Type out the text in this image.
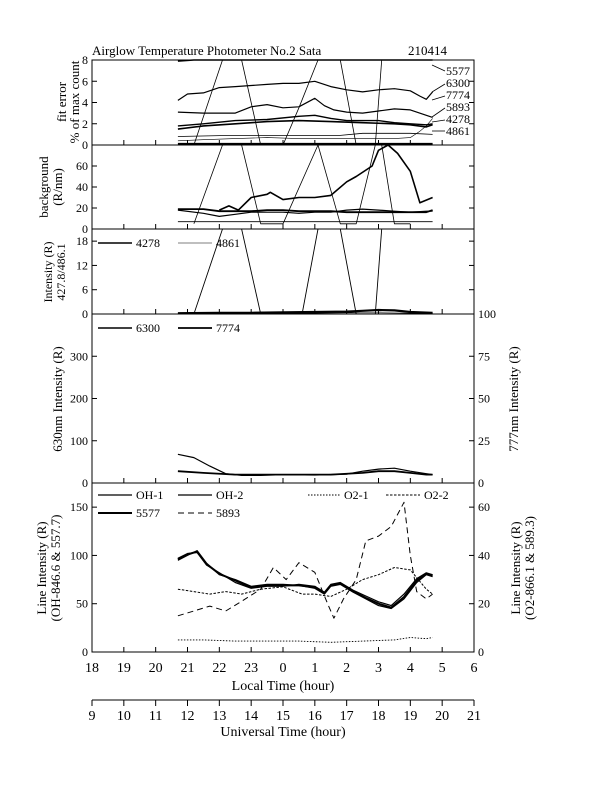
Airglow Temperature Photometer No.2 Sata	210414
fit error
% of max count
background (R/nm)
Intensity (R) 427.8/486.1
630nm Intensity (R)	777nm Intensity (R)
Line Intensity (R) (OH-846.6 & 557.7)	Line Intensity (R) (O2-866.1 & 589.3)
5577
6300
7774
5893
4278
4861
4278	4861
6300	7774
OH-1	OH-2	O2-1	O2-2
5577	5893
Local Time (hour)
Universal Time (hour)
0
2
4
6
8
0
20
40
60
0
6
12
18
0
100
200
300
0
25
50
75
100
0
50
100
150
0
20
40
60
18 19 20 21 22 23 0 1 2 3 4 5 6
9 10 11 12 13 14 15 16 17 18 19 20 21
